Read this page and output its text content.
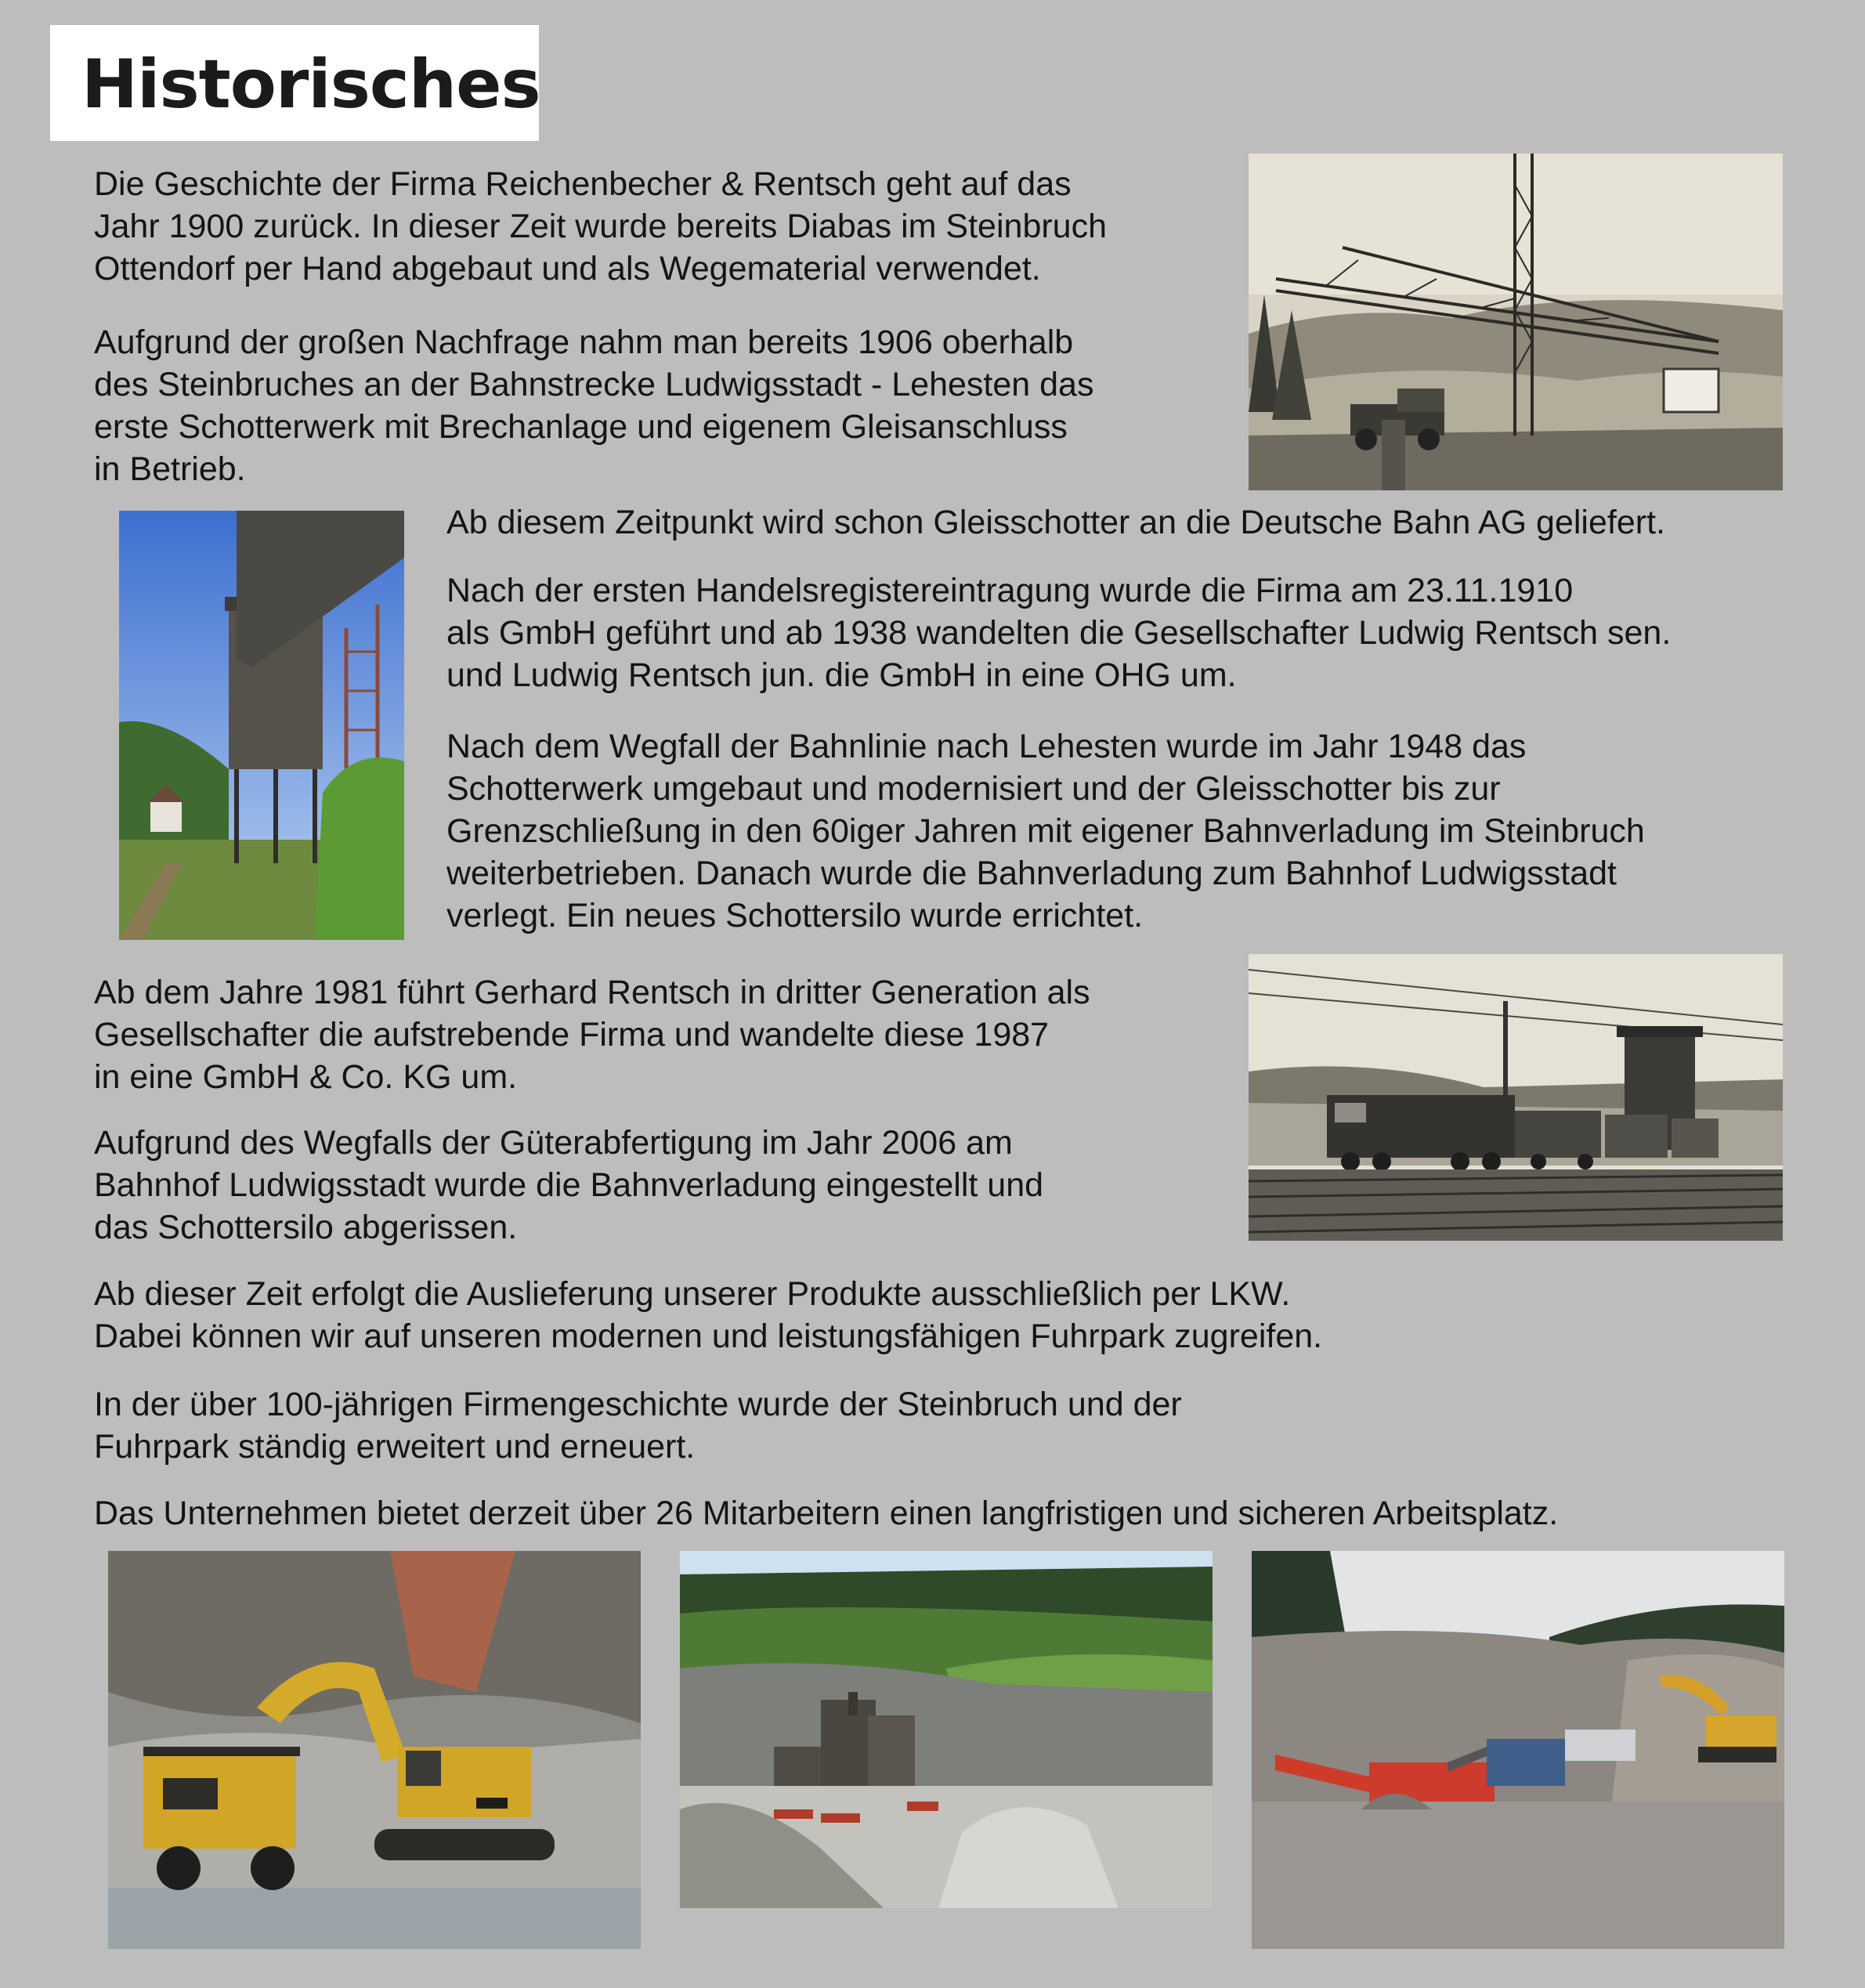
Historisches

Die Geschichte der Firma Reichenbecher & Rentsch geht auf das
Jahr 1900 zurück. In dieser Zeit wurde bereits Diabas im Steinbruch
Ottendorf per Hand abgebaut und als Wegematerial verwendet.

Aufgrund der großen Nachfrage nahm man bereits 1906 oberhalb
des Steinbruches an der Bahnstrecke Ludwigsstadt - Lehesten das
erste Schotterwerk mit Brechanlage und eigenem Gleisanschluss
in Betrieb.

Ab diesem Zeitpunkt wird schon Gleisschotter an die Deutsche Bahn AG geliefert.

Nach der ersten Handelsregistereintragung wurde die Firma am 23.11.1910
als GmbH geführt und ab 1938 wandelten die Gesellschafter Ludwig Rentsch sen.
und Ludwig Rentsch jun. die GmbH in eine OHG um.

Nach dem Wegfall der Bahnlinie nach Lehesten wurde im Jahr 1948 das
Schotterwerk umgebaut und modernisiert und der Gleisschotter bis zur
Grenzschließung in den 60iger Jahren mit eigener Bahnverladung im Steinbruch
weiterbetrieben. Danach wurde die Bahnverladung zum Bahnhof Ludwigsstadt
verlegt. Ein neues Schottersilo wurde errichtet.

Ab dem Jahre 1981 führt Gerhard Rentsch in dritter Generation als
Gesellschafter die aufstrebende Firma und wandelte diese 1987
in eine GmbH & Co. KG um.

Aufgrund des Wegfalls der Güterabfertigung im Jahr 2006 am
Bahnhof Ludwigsstadt wurde die Bahnverladung eingestellt und
das Schottersilo abgerissen.

Ab dieser Zeit erfolgt die Auslieferung unserer Produkte ausschließlich per LKW.
Dabei können wir auf unseren modernen und leistungsfähigen Fuhrpark zugreifen.

In der über 100-jährigen Firmengeschichte wurde der Steinbruch und der
Fuhrpark ständig erweitert und erneuert.

Das Unternehmen bietet derzeit über 26 Mitarbeitern einen langfristigen und sicheren Arbeitsplatz.
